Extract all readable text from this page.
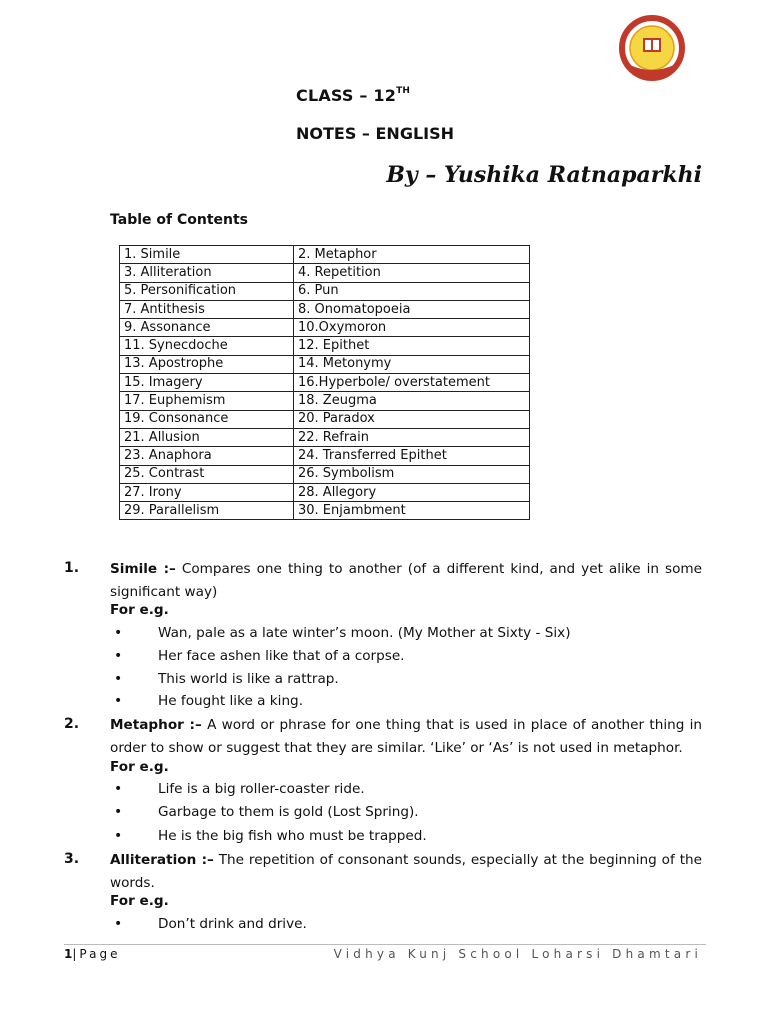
CLASS – 12TH
NOTES – ENGLISH
By – Yushika Ratnaparkhi
Table of Contents
1. Simile	2. Metaphor
3. Alliteration	4. Repetition
5. Personification	6. Pun
7. Antithesis	8. Onomatopoeia
9. Assonance	10.Oxymoron
11. Synecdoche	12. Epithet
13. Apostrophe	14. Metonymy
15. Imagery	16.Hyperbole/ overstatement
17. Euphemism	18. Zeugma
19. Consonance	20. Paradox
21. Allusion	22. Refrain
23. Anaphora	24. Transferred Epithet
25. Contrast	26. Symbolism
27. Irony	28. Allegory
29. Parallelism	30. Enjambment
1. Simile :– Compares one thing to another (of a different kind, and yet alike in some significant way)
For e.g.
• Wan, pale as a late winter’s moon. (My Mother at Sixty - Six)
• Her face ashen like that of a corpse.
• This world is like a rattrap.
• He fought like a king.
2. Metaphor :– A word or phrase for one thing that is used in place of another thing in order to show or suggest that they are similar. ‘Like’ or ‘As’ is not used in metaphor.
For e.g.
• Life is a big roller-coaster ride.
• Garbage to them is gold (Lost Spring).
• He is the big fish who must be trapped.
3. Alliteration :– The repetition of consonant sounds, especially at the beginning of the words.
For e.g.
• Don’t drink and drive.
1|Page	Vidhya Kunj School Loharsi Dhamtari
